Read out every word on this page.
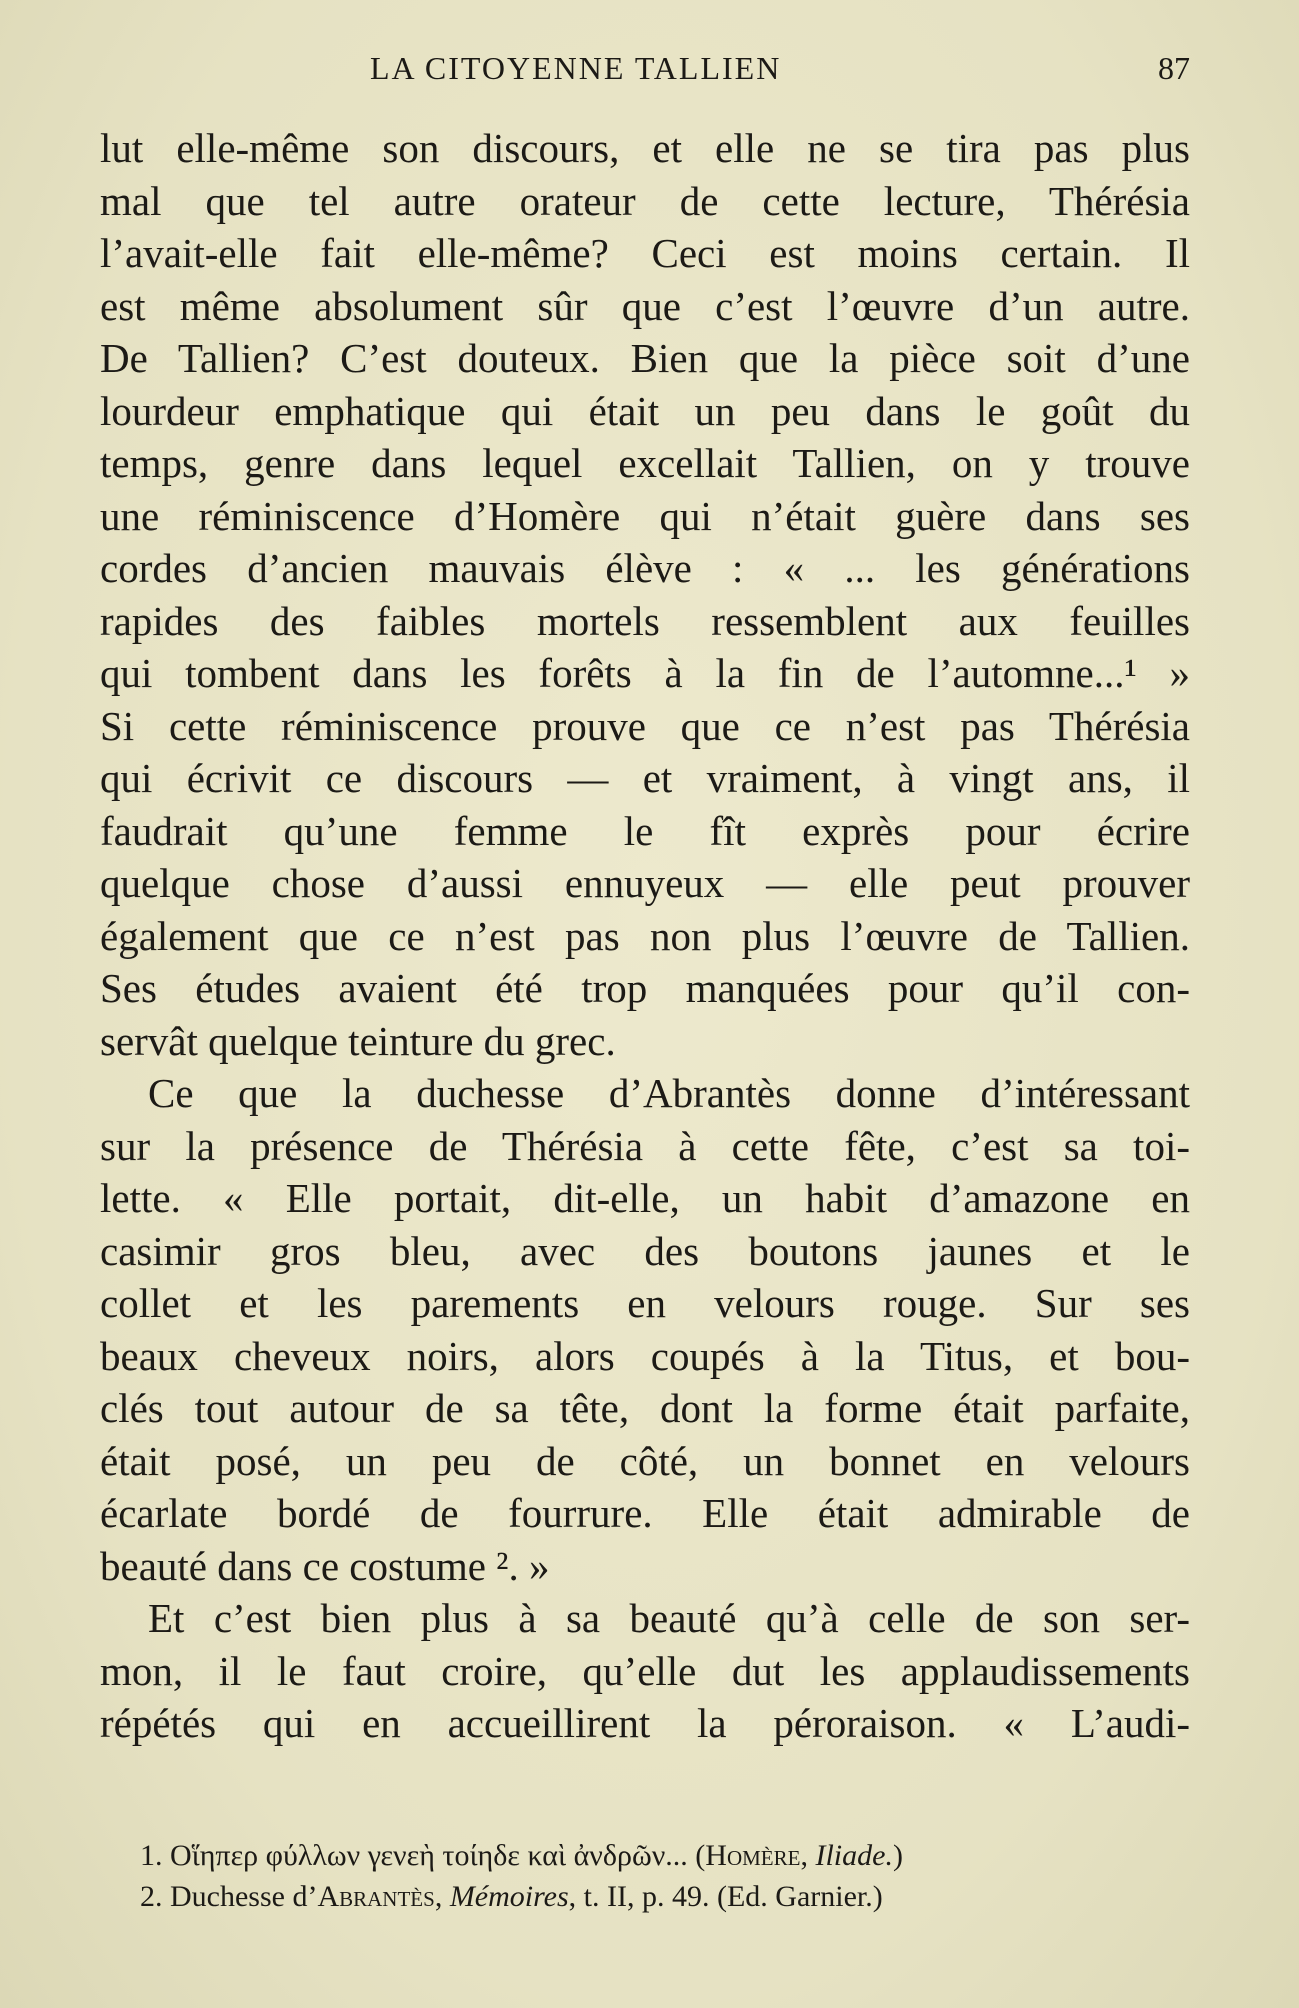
LA CITOYENNE TALLIEN	87
lut elle-même son discours, et elle ne se tira pas plus
mal que tel autre orateur de cette lecture, Thérésia
l’avait-elle fait elle-même? Ceci est moins certain. Il
est même absolument sûr que c’est l’œuvre d’un autre.
De Tallien? C’est douteux. Bien que la pièce soit d’une
lourdeur emphatique qui était un peu dans le goût du
temps, genre dans lequel excellait Tallien, on y trouve
une réminiscence d’Homère qui n’était guère dans ses
cordes d’ancien mauvais élève : « ... les générations
rapides des faibles mortels ressemblent aux feuilles
qui tombent dans les forêts à la fin de l’automne...¹ »
Si cette réminiscence prouve que ce n’est pas Thérésia
qui écrivit ce discours — et vraiment, à vingt ans, il
faudrait qu’une femme le fît exprès pour écrire
quelque chose d’aussi ennuyeux — elle peut prouver
également que ce n’est pas non plus l’œuvre de Tallien.
Ses études avaient été trop manquées pour qu’il con-
servât quelque teinture du grec.
Ce que la duchesse d’Abrantès donne d’intéressant
sur la présence de Thérésia à cette fête, c’est sa toi-
lette. « Elle portait, dit-elle, un habit d’amazone en
casimir gros bleu, avec des boutons jaunes et le
collet et les parements en velours rouge. Sur ses
beaux cheveux noirs, alors coupés à la Titus, et bou-
clés tout autour de sa tête, dont la forme était parfaite,
était posé, un peu de côté, un bonnet en velours
écarlate bordé de fourrure. Elle était admirable de
beauté dans ce costume ². »
Et c’est bien plus à sa beauté qu’à celle de son ser-
mon, il le faut croire, qu’elle dut les applaudissements
répétés qui en accueillirent la péroraison. « L’audi-
1. Οἵηπερ φύλλων γενεὴ τοίηδε καὶ ἀνδρῶν... (Homère, Iliade.)
2. Duchesse d’Abrantès, Mémoires, t. II, p. 49. (Ed. Garnier.)
